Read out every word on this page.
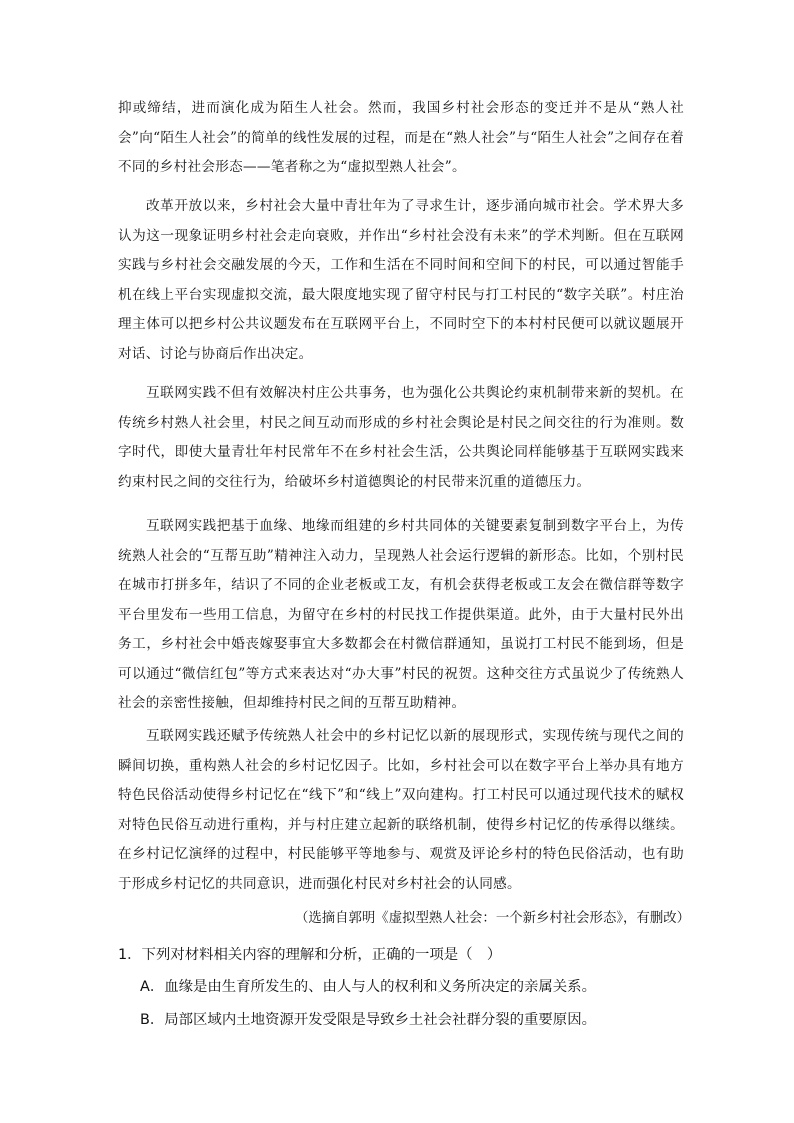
抑或缔结，进而演化成为陌生人社会。然而，我国乡村社会形态的变迁并不是从“熟人社会”向“陌生人社会”的简单的线性发展的过程，而是在“熟人社会”与“陌生人社会”之间存在着不同的乡村社会形态——笔者称之为“虚拟型熟人社会”。

改革开放以来，乡村社会大量中青壮年为了寻求生计，逐步涌向城市社会。学术界大多认为这一现象证明乡村社会走向衰败，并作出“乡村社会没有未来”的学术判断。但在互联网实践与乡村社会交融发展的今天，工作和生活在不同时间和空间下的村民，可以通过智能手机在线上平台实现虚拟交流，最大限度地实现了留守村民与打工村民的“数字关联”。村庄治理主体可以把乡村公共议题发布在互联网平台上，不同时空下的本村村民便可以就议题展开对话、讨论与协商后作出决定。

互联网实践不但有效解决村庄公共事务，也为强化公共舆论约束机制带来新的契机。在传统乡村熟人社会里，村民之间互动而形成的乡村社会舆论是村民之间交往的行为准则。数字时代，即使大量青壮年村民常年不在乡村社会生活，公共舆论同样能够基于互联网实践来约束村民之间的交往行为，给破坏乡村道德舆论的村民带来沉重的道德压力。

互联网实践把基于血缘、地缘而组建的乡村共同体的关键要素复制到数字平台上，为传统熟人社会的“互帮互助”精神注入动力，呈现熟人社会运行逻辑的新形态。比如，个别村民在城市打拼多年，结识了不同的企业老板或工友，有机会获得老板或工友会在微信群等数字平台里发布一些用工信息，为留守在乡村的村民找工作提供渠道。此外，由于大量村民外出务工，乡村社会中婚丧嫁娶事宜大多数都会在村微信群通知，虽说打工村民不能到场，但是可以通过“微信红包”等方式来表达对“办大事”村民的祝贺。这种交往方式虽说少了传统熟人社会的亲密性接触，但却维持村民之间的互帮互助精神。

互联网实践还赋予传统熟人社会中的乡村记忆以新的展现形式，实现传统与现代之间的瞬间切换，重构熟人社会的乡村记忆因子。比如，乡村社会可以在数字平台上举办具有地方特色民俗活动使得乡村记忆在“线下”和“线上”双向建构。打工村民可以通过现代技术的赋权对特色民俗互动进行重构，并与村庄建立起新的联络机制，使得乡村记忆的传承得以继续。在乡村记忆演绎的过程中，村民能够平等地参与、观赏及评论乡村的特色民俗活动，也有助于形成乡村记忆的共同意识，进而强化村民对乡村社会的认同感。

（选摘自郭明《虚拟型熟人社会：一个新乡村社会形态》，有删改）

1．下列对材料相关内容的理解和分析，正确的一项是（　）

A．血缘是由生育所发生的、由人与人的权利和义务所决定的亲属关系。

B．局部区域内土地资源开发受限是导致乡土社会社群分裂的重要原因。
